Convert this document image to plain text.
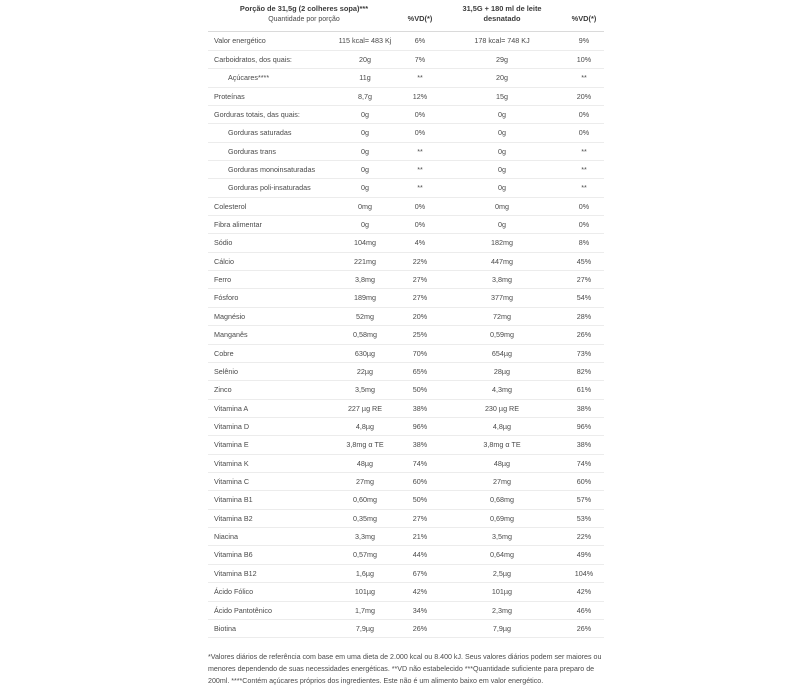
Porção de 31,5g (2 colheres sopa)***
Quantidade por porção		%VD(*)	31,5G + 180 ml de leite desnatado	%VD(*)
Valor energético	115 kcal= 483 Kj	6%	178 kcal= 748 KJ	9%
Carboidratos, dos quais:	20g	7%	29g	10%
Açúcares****	11g	**	20g	**
Proteínas	8,7g	12%	15g	20%
Gorduras totais, das quais:	0g	0%	0g	0%
Gorduras saturadas	0g	0%	0g	0%
Gorduras trans	0g	**	0g	**
Gorduras monoinsaturadas	0g	**	0g	**
Gorduras poli-insaturadas	0g	**	0g	**
Colesterol	0mg	0%	0mg	0%
Fibra alimentar	0g	0%	0g	0%
Sódio	104mg	4%	182mg	8%
Cálcio	221mg	22%	447mg	45%
Ferro	3,8mg	27%	3,8mg	27%
Fósforo	189mg	27%	377mg	54%
Magnésio	52mg	20%	72mg	28%
Manganês	0,58mg	25%	0,59mg	26%
Cobre	630µg	70%	654µg	73%
Selênio	22µg	65%	28µg	82%
Zinco	3,5mg	50%	4,3mg	61%
Vitamina A	227 µg RE	38%	230 µg RE	38%
Vitamina D	4,8µg	96%	4,8µg	96%
Vitamina E	3,8mg α TE	38%	3,8mg α TE	38%
Vitamina K	48µg	74%	48µg	74%
Vitamina C	27mg	60%	27mg	60%
Vitamina B1	0,60mg	50%	0,68mg	57%
Vitamina B2	0,35mg	27%	0,69mg	53%
Niacina	3,3mg	21%	3,5mg	22%
Vitamina B6	0,57mg	44%	0,64mg	49%
Vitamina B12	1,6µg	67%	2,5µg	104%
Ácido Fólico	101µg	42%	101µg	42%
Ácido Pantotênico	1,7mg	34%	2,3mg	46%
Biotina	7,9µg	26%	7,9µg	26%
*Valores diários de referência com base em uma dieta de 2.000 kcal ou 8.400 kJ. Seus valores diários podem ser maiores ou menores dependendo de suas necessidades energéticas. **VD não estabelecido ***Quantidade suficiente para preparo de 200ml. ****Contém açúcares próprios dos ingredientes. Este não é um alimento baixo em valor energético.
